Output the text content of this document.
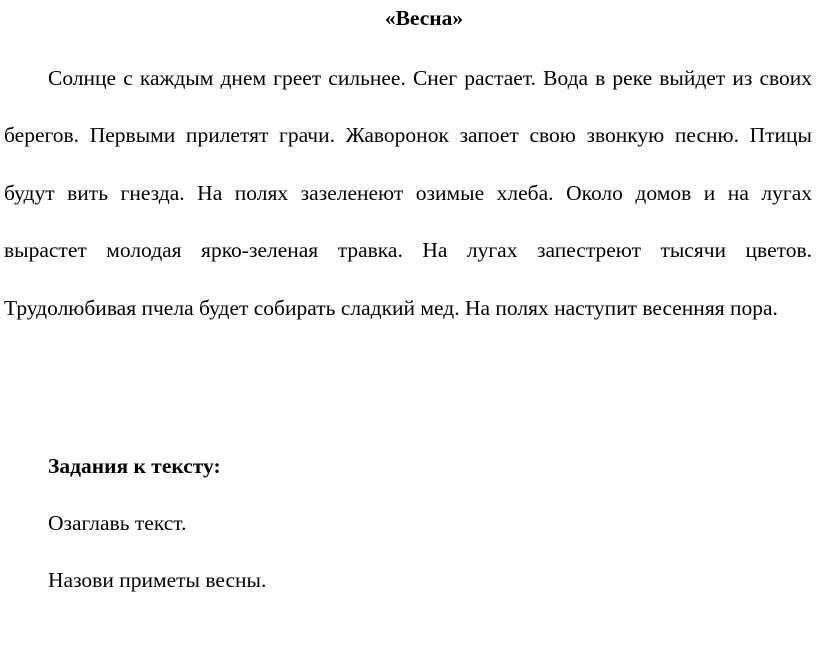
«Весна»

Солнце с каждым днем греет сильнее. Снег растает. Вода в реке выйдет из своих берегов. Первыми прилетят грачи. Жаворонок запоет свою звонкую песню. Птицы будут вить гнезда. На полях зазеленеют озимые хлеба. Около домов и на лугах вырастет молодая ярко-зеленая травка. На лугах запестреют тысячи цветов. Трудолюбивая пчела будет собирать сладкий мед. На полях наступит весенняя пора.

Задания к тексту:
Озаглавь текст.
Назови приметы весны.
